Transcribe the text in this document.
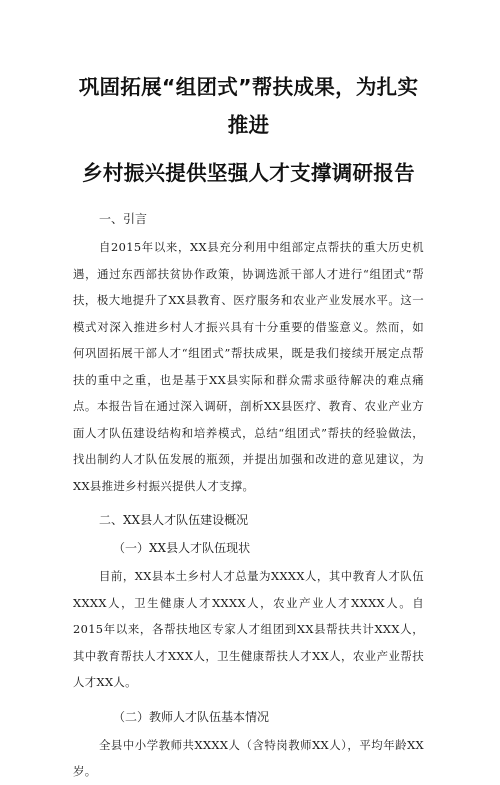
巩固拓展“组团式”帮扶成果，为扎实推进
乡村振兴提供坚强人才支撑调研报告

一、引言

自2015年以来，XX县充分利用中组部定点帮扶的重大历史机遇，通过东西部扶贫协作政策，协调选派干部人才进行“组团式”帮扶，极大地提升了XX县教育、医疗服务和农业产业发展水平。这一模式对深入推进乡村人才振兴具有十分重要的借鉴意义。然而，如何巩固拓展干部人才“组团式”帮扶成果，既是我们接续开展定点帮扶的重中之重，也是基于XX县实际和群众需求亟待解决的难点痛点。本报告旨在通过深入调研，剖析XX县医疗、教育、农业产业方面人才队伍建设结构和培养模式，总结“组团式”帮扶的经验做法，找出制约人才队伍发展的瓶颈，并提出加强和改进的意见建议，为XX县推进乡村振兴提供人才支撑。

二、XX县人才队伍建设概况

（一）XX县人才队伍现状

目前，XX县本土乡村人才总量为XXXX人，其中教育人才队伍XXXX人，卫生健康人才XXXX人，农业产业人才XXXX人。自2015年以来，各帮扶地区专家人才组团到XX县帮扶共计XXX人，其中教育帮扶人才XXX人，卫生健康帮扶人才XX人，农业产业帮扶人才XX人。

（二）教师人才队伍基本情况

全县中小学教师共XXXX人（含特岗教师XX人），平均年龄XX岁。
